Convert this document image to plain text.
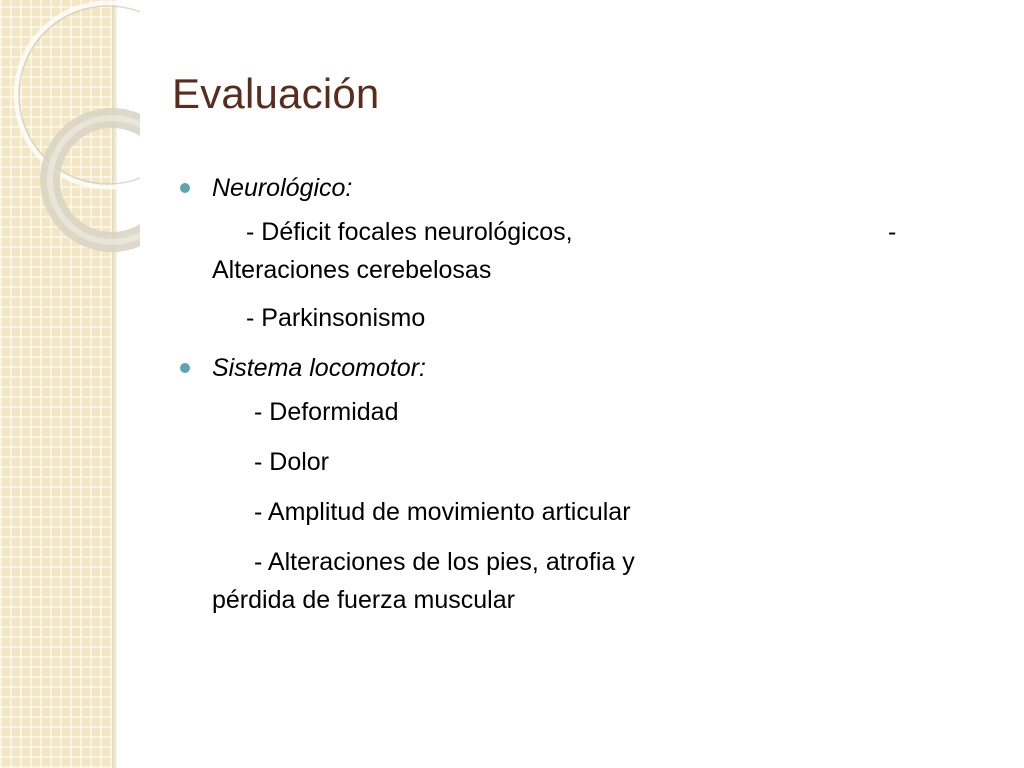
Evaluación
Neurológico:
- Déficit focales neurológicos,	-
Alteraciones cerebelosas
- Parkinsonismo
Sistema locomotor:
- Deformidad
- Dolor
- Amplitud de movimiento articular
- Alteraciones de los pies, atrofia y
pérdida de fuerza muscular
